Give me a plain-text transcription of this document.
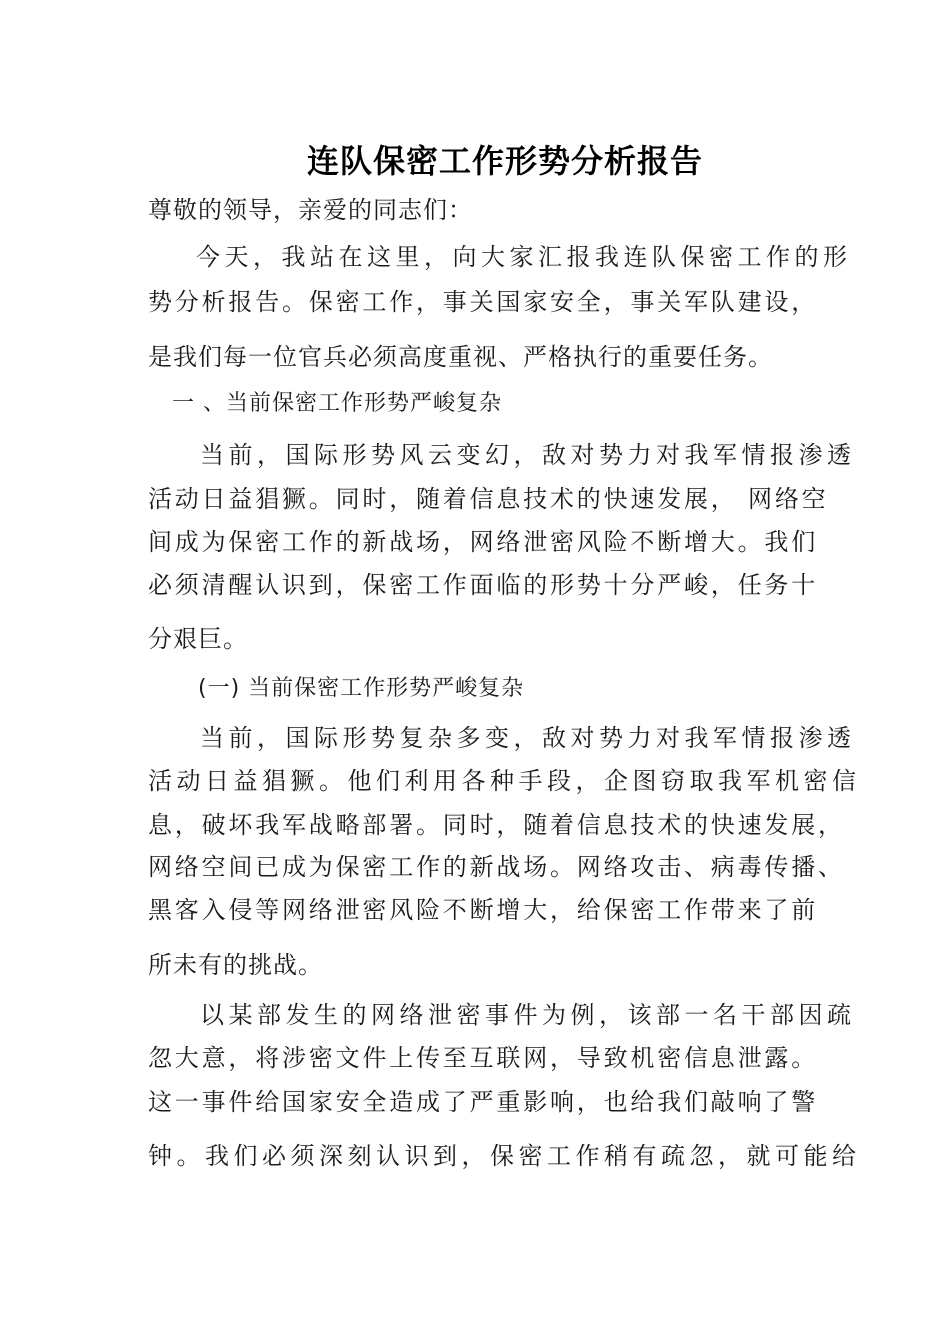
连队保密工作形势分析报告
尊敬的领导，亲爱的同志们：
今天，我站在这里，向大家汇报我连队保密工作的形
势分析报告。保密工作，事关国家安全，事关军队建设，
是我们每一位官兵必须高度重视、严格执行的重要任务。
一 、当前保密工作形势严峻复杂
当前，国际形势风云变幻，敌对势力对我军情报渗透
活动日益猖獗。同时，随着信息技术的快速发展， 网络空
间成为保密工作的新战场，网络泄密风险不断增大。我们
必须清醒认识到，保密工作面临的形势十分严峻，任务十
分艰巨。
(一) 当前保密工作形势严峻复杂
当前，国际形势复杂多变，敌对势力对我军情报渗透
活动日益猖獗。他们利用各种手段，企图窃取我军机密信
息，破坏我军战略部署。同时，随着信息技术的快速发展，
网络空间已成为保密工作的新战场。网络攻击、病毒传播、
黑客入侵等网络泄密风险不断增大，给保密工作带来了前
所未有的挑战。
以某部发生的网络泄密事件为例，该部一名干部因疏
忽大意，将涉密文件上传至互联网，导致机密信息泄露。
这一事件给国家安全造成了严重影响，也给我们敲响了警
钟。我们必须深刻认识到，保密工作稍有疏忽，就可能给
